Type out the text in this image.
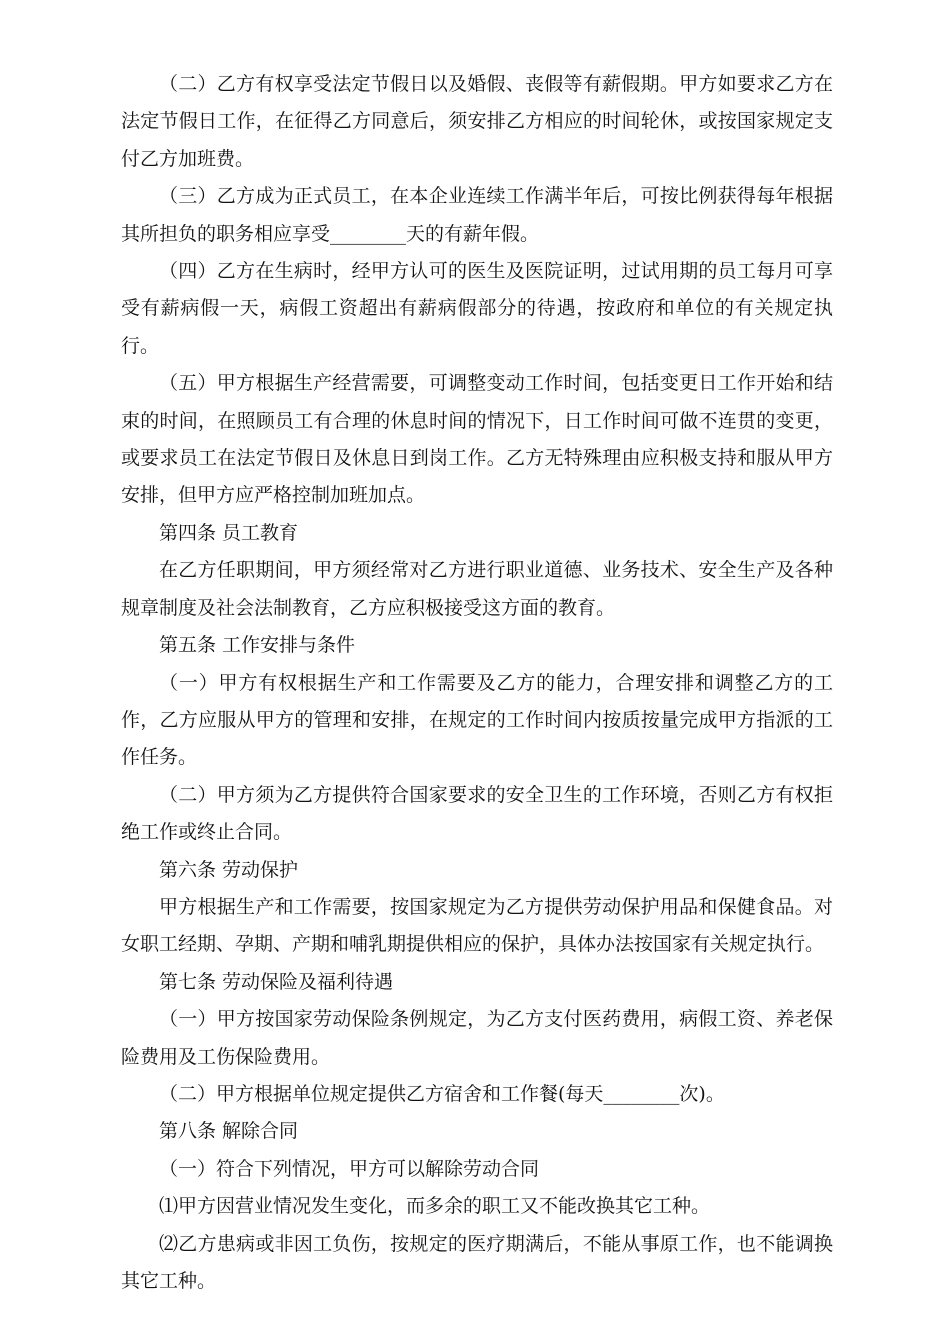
（二）乙方有权享受法定节假日以及婚假、丧假等有薪假期。甲方如要求乙方在法定节假日工作，在征得乙方同意后，须安排乙方相应的时间轮休，或按国家规定支付乙方加班费。

（三）乙方成为正式员工，在本企业连续工作满半年后，可按比例获得每年根据其所担负的职务相应享受________天的有薪年假。

（四）乙方在生病时，经甲方认可的医生及医院证明，过试用期的员工每月可享受有薪病假一天，病假工资超出有薪病假部分的待遇，按政府和单位的有关规定执行。

（五）甲方根据生产经营需要，可调整变动工作时间，包括变更日工作开始和结束的时间，在照顾员工有合理的休息时间的情况下，日工作时间可做不连贯的变更，或要求员工在法定节假日及休息日到岗工作。乙方无特殊理由应积极支持和服从甲方安排，但甲方应严格控制加班加点。

第四条 员工教育

在乙方任职期间，甲方须经常对乙方进行职业道德、业务技术、安全生产及各种规章制度及社会法制教育，乙方应积极接受这方面的教育。

第五条 工作安排与条件

（一）甲方有权根据生产和工作需要及乙方的能力，合理安排和调整乙方的工作，乙方应服从甲方的管理和安排，在规定的工作时间内按质按量完成甲方指派的工作任务。

（二）甲方须为乙方提供符合国家要求的安全卫生的工作环境，否则乙方有权拒绝工作或终止合同。

第六条 劳动保护

甲方根据生产和工作需要，按国家规定为乙方提供劳动保护用品和保健食品。对女职工经期、孕期、产期和哺乳期提供相应的保护，具体办法按国家有关规定执行。

第七条 劳动保险及福利待遇

（一）甲方按国家劳动保险条例规定，为乙方支付医药费用，病假工资、养老保险费用及工伤保险费用。

（二）甲方根据单位规定提供乙方宿舍和工作餐(每天________次)。

第八条 解除合同

（一）符合下列情况，甲方可以解除劳动合同

⑴甲方因营业情况发生变化，而多余的职工又不能改换其它工种。

⑵乙方患病或非因工负伤，按规定的医疗期满后，不能从事原工作，也不能调换其它工种。
